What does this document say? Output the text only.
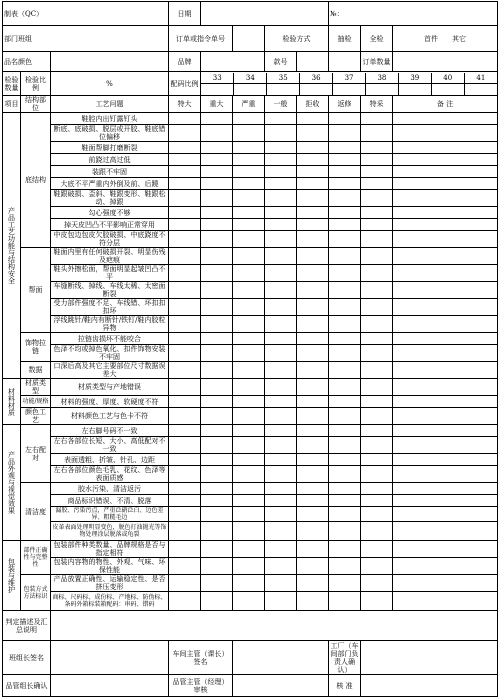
制表（QC）	日期		№：
部门班组	订单或指令单号		检验方式	抽检	全检	首件 其它
品名颜色		品牌		款号			订单数量	
检验数量	检验比例	%	配码比例	
33	34	35	36	37	38	39	40	41

项目	结构部位	工艺问题	特大	重大	严重	一般	拒收	返修	特采	备 注
产品工艺功能与结构安全	底结构	鞋腔内出钉露钉头								
断底、底破损、脱层或开胶、鞋底错位偏移								
鞋面帮脚打磨断裂								
前跷过高过低								
装跟不牢固								
大底不平严重内外倒及前、后蹺								
鞋跟破损、歪斜、鞋跟变形、鞋跟松动、掉跟								
勾心强度不够								
掉天皮凹凸不平影响正常穿用								
中皮包边包皮欠胶破损、中底跷度不符分层								
帮面	鞋面内里有任何破损开裂、明显伤残及疤痕								
鞋头外擦松面，帮面明显起皱凹凸不平								
车缝断线、掉线、车线太稀、太密面断裂								
受力部件强度不足、车线错、坏扣扣扣环								
浮线跳针/鞋内有断针/铁钉/鞋内胶粒异物								
饰物拉链	拉链齿损坏不能咬合								
色泽不均或掉色氧化、扣件饰物安装不牢固								
数据	口深后高及其它主要部位尺寸数据误差大								
材料材质	材质类型	材质类型与产地错误								
功能/规格	材料的强度、厚度、软硬度不符								
颜色工艺	材料颜色工艺与色卡不符								
产品外观与视觉效果	左右配对	左右脚号码不一致								
左右各部位长短、大小、高低配对不一致								
表面透粗、折皱、针孔、边距								
左右各部位颜色毛乳、花纹、色泽等表面质感								
清洁度	胶水污染、清洁返污								
商品标识错误、不清、脱落								
漏胶、污染污点，严重泛硝泛白、边色差异、粗糙毛边								
皮革表面处理明显变色，脱色打油抛光等饰物处理涂层脱落或龟裂								
包装与维护	部件正确性与完整性	包装部件种类数量、品牌规格是否与指定相符								
包装内容物的物性、外观、气味、环保性能								
包装方式方法标识	产品放置正确性、运输稳定性、是否挤压变形								
商标、尺码标、成份标、产地标、防伪标、条码外箱标装箱配码：串码、错码								
判定描述及汇总说明	
班组长签名		车间主管（课长）签名		工厂（车间部门负责人确认）	
品管组长确认		品管主管（经理）审核		核 准	
